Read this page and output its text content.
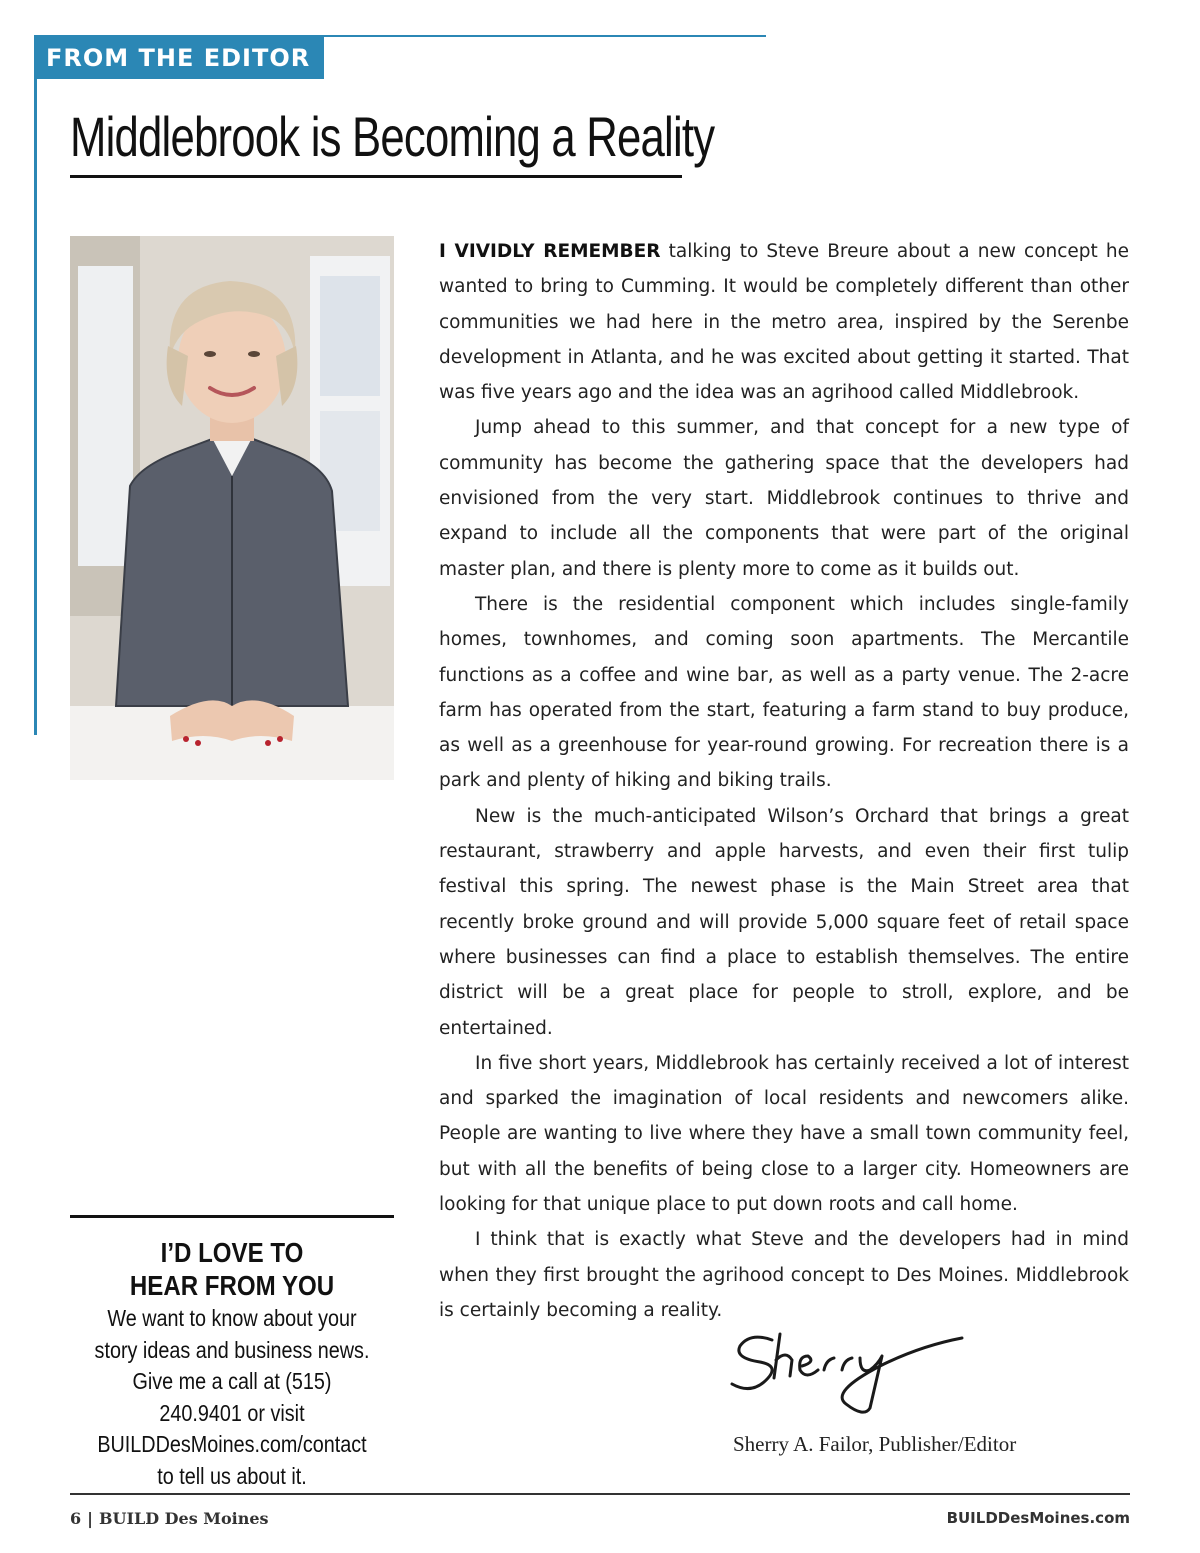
FROM THE EDITOR
Middlebrook is Becoming a Reality

I VIVIDLY REMEMBER talking to Steve Breure about a new concept he wanted to bring to Cumming. It would be completely different than other communities we had here in the metro area, inspired by the Serenbe development in Atlanta, and he was excited about getting it started. That was five years ago and the idea was an agrihood called Middlebrook.

Jump ahead to this summer, and that concept for a new type of community has become the gathering space that the developers had envisioned from the very start. Middlebrook continues to thrive and expand to include all the components that were part of the original master plan, and there is plenty more to come as it builds out.

There is the residential component which includes single-family homes, townhomes, and coming soon apartments. The Mercantile functions as a coffee and wine bar, as well as a party venue. The 2-acre farm has operated from the start, featuring a farm stand to buy produce, as well as a greenhouse for year-round growing. For recreation there is a park and plenty of hiking and biking trails.

New is the much-anticipated Wilson’s Orchard that brings a great restaurant, strawberry and apple harvests, and even their first tulip festival this spring. The newest phase is the Main Street area that recently broke ground and will provide 5,000 square feet of retail space where businesses can find a place to establish themselves. The entire district will be a great place for people to stroll, explore, and be entertained.

In five short years, Middlebrook has certainly received a lot of interest and sparked the imagination of local residents and newcomers alike. People are wanting to live where they have a small town community feel, but with all the benefits of being close to a larger city. Homeowners are looking for that unique place to put down roots and call home.

I think that is exactly what Steve and the developers had in mind when they first brought the agrihood concept to Des Moines. Middlebrook is certainly becoming a reality.

Sherry A. Failor, Publisher/Editor
I’D LOVE TO
HEAR FROM YOU
We want to know about your story ideas and business news. Give me a call at (515) 240.9401 or visit BUILDDesMoines.com/contact to tell us about it.
6 | BUILD Des Moines	BUILDDesMoines.com
